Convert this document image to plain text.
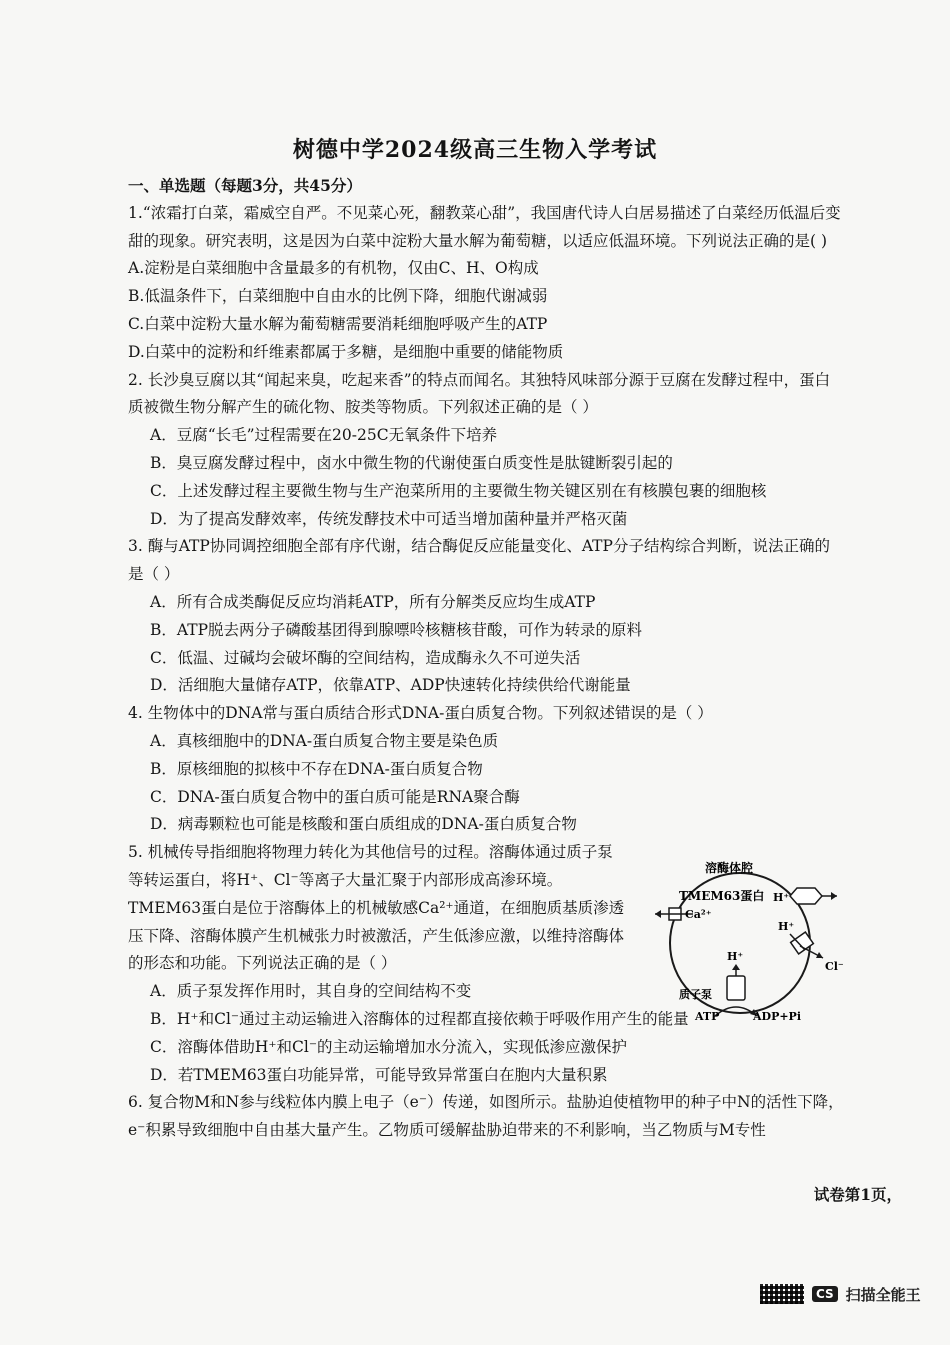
树德中学2024级高三生物入学考试

一、单选题（每题3分，共45分）

1.“浓霜打白菜，霜威空自严。不见菜心死，翻教菜心甜”，我国唐代诗人白居易描述了白菜经历低温后变甜的现象。研究表明，这是因为白菜中淀粉大量水解为葡萄糖，以适应低温环境。下列说法正确的是( )

A.淀粉是白菜细胞中含量最多的有机物，仅由C、H、O构成

B.低温条件下，白菜细胞中自由水的比例下降，细胞代谢减弱

C.白菜中淀粉大量水解为葡萄糖需要消耗细胞呼吸产生的ATP

D.白菜中的淀粉和纤维素都属于多糖，是细胞中重要的储能物质

2. 长沙臭豆腐以其“闻起来臭，吃起来香”的特点而闻名。其独特风味部分源于豆腐在发酵过程中，蛋白质被微生物分解产生的硫化物、胺类等物质。下列叙述正确的是（ ）

A．豆腐“长毛”过程需要在20-25C无氧条件下培养

B．臭豆腐发酵过程中，卤水中微生物的代谢使蛋白质变性是肽键断裂引起的

C．上述发酵过程主要微生物与生产泡菜所用的主要微生物关键区别在有核膜包裹的细胞核

D．为了提高发酵效率，传统发酵技术中可适当增加菌种量并严格灭菌

3. 酶与ATP协同调控细胞全部有序代谢，结合酶促反应能量变化、ATP分子结构综合判断，说法正确的是（ ）

A．所有合成类酶促反应均消耗ATP，所有分解类反应均生成ATP

B．ATP脱去两分子磷酸基团得到腺嘌呤核糖核苷酸，可作为转录的原料

C．低温、过碱均会破坏酶的空间结构，造成酶永久不可逆失活

D．活细胞大量储存ATP，依靠ATP、ADP快速转化持续供给代谢能量

4. 生物体中的DNA常与蛋白质结合形式DNA-蛋白质复合物。下列叙述错误的是（ ）

A．真核细胞中的DNA-蛋白质复合物主要是染色质

B．原核细胞的拟核中不存在DNA-蛋白质复合物

C．DNA-蛋白质复合物中的蛋白质可能是RNA聚合酶

D．病毒颗粒也可能是核酸和蛋白质组成的DNA-蛋白质复合物

5. 机械传导指细胞将物理力转化为其他信号的过程。溶酶体通过质子泵等转运蛋白，将H⁺、Cl⁻等离子大量汇聚于内部形成高渗环境。TMEM63蛋白是位于溶酶体上的机械敏感Ca²⁺通道，在细胞质基质渗透压下降、溶酶体膜产生机械张力时被激活，产生低渗应激，以维持溶酶体的形态和功能。下列说法正确的是（ ）

A．质子泵发挥作用时，其自身的空间结构不变

B．H⁺和Cl⁻通过主动运输进入溶酶体的过程都直接依赖于呼吸作用产生的能量

C．溶酶体借助H⁺和Cl⁻的主动运输增加水分流入，实现低渗应激保护

D．若TMEM63蛋白功能异常，可能导致异常蛋白在胞内大量积累

6. 复合物M和N参与线粒体内膜上电子（e⁻）传递，如图所示。盐胁迫使植物甲的种子中N的活性下降，e⁻积累导致细胞中自由基大量产生。乙物质可缓解盐胁迫带来的不利影响，当乙物质与M专性

溶酶体腔
TMEM63蛋白
Ca²⁺
H⁺
H⁺
Cl⁻
H⁺
质子泵
ATP	ADP+Pi
试卷第1页，
CS 扫描全能王
